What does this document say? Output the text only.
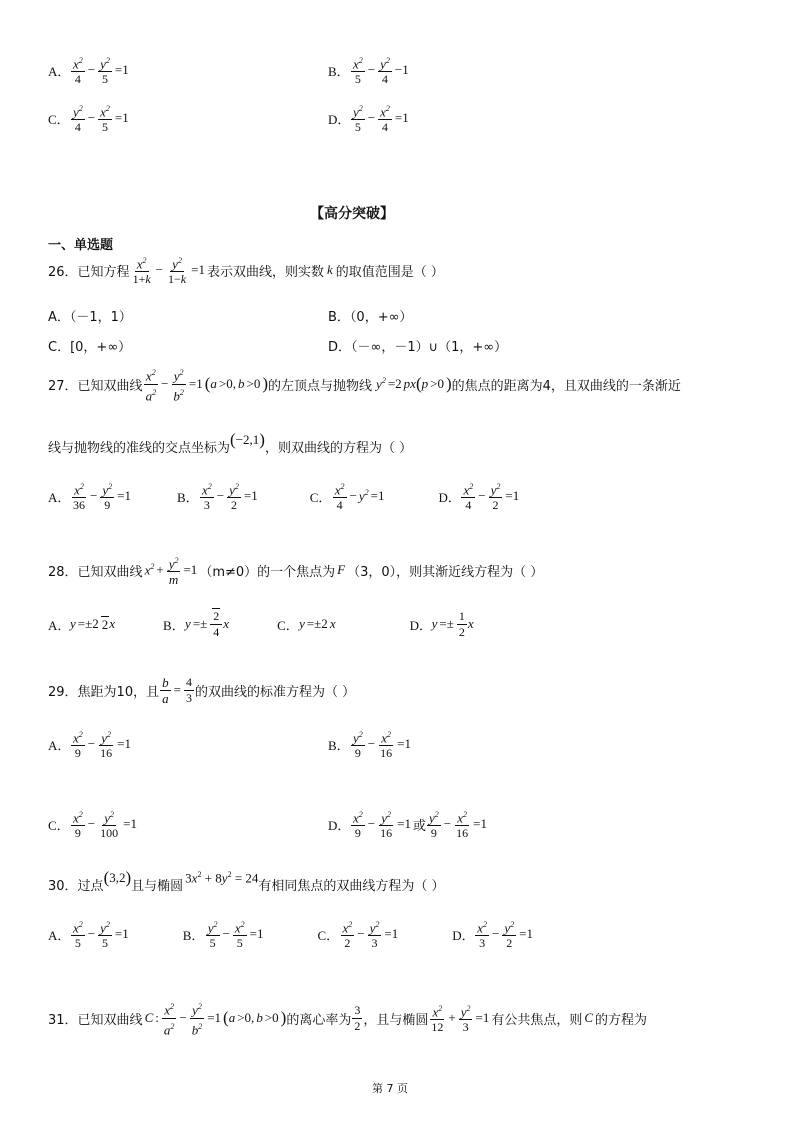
A． $\frac{x^2}{4} - \frac{y^2}{5} =1$	B． $\frac{x^2}{5} - \frac{y^2}{4} -1$
C． $\frac{y^2}{4} - \frac{x^2}{5} =1$	D． $\frac{y^2}{5} - \frac{x^2}{4} =1$
【高分突破】
一、单选题
26． 已知方程 $\frac{x^2}{1+k} - \frac{y^2}{1-k} =1$ 表示双曲线，则实数 k 的取值范围是（ ）
A．（－1，1）	B．（0，+∞）
C．[0，+∞）	D．（－∞，－1）∪（1，+∞）
27． 已知双曲线 $\frac{x^2}{a^2} - \frac{y^2}{b^2} =1$ ( a >0, b >0 ) 的左顶点与抛物线 $y^2 =2$ px ( p >0 ) 的焦点的距离为4，且双曲线的一条渐近
线与抛物线的准线的交点坐标为 ( −2,1 ) ，则双曲线的方程为（ ）
A． $\frac{x^2}{36} - \frac{y^2}{9} =1$	B． $\frac{x^2}{3} - \frac{y^2}{2} =1$	C． $\frac{x^2}{4} - y^2 =1$	D． $\frac{x^2}{4} - \frac{y^2}{2} =1$
28． 已知双曲线 $x^2 + \frac{y^2}{m} =1$ （m≠0）的一个焦点为 F （3，0），则其渐近线方程为（ ）
A． y =±2 2 x	B． $y =\pm \frac{2}{4}$ x	C． y =±2 x	D． $y =\pm \frac{1}{2}$ x
29． 焦距为10，且 $\frac{b}{a} = \frac{4}{3}$ 的双曲线的标准方程为（ ）
A． $\frac{x^2}{9} - \frac{y^2}{16} =1$	B． $\frac{y^2}{9} - \frac{x^2}{16} =1$
C． $\frac{x^2}{9} - \frac{y^2}{100} =1$	D． $\frac{x^2}{9} - \frac{y^2}{16} =1$ 或 $\frac{y^2}{9} - \frac{x^2}{16} =1$
30． 过点 ( 3,2 ) 且与椭圆
$3x^2 + 8y^2 = 24$
有相同焦点的双曲线方程为（ ）
A． $\frac{x^2}{5} - \frac{y^2}{5} =1$	B． $\frac{y^2}{5} - \frac{x^2}{5} =1$	C． $\frac{x^2}{2} - \frac{y^2}{3} =1$	D． $\frac{x^2}{3} - \frac{y^2}{2} =1$
31． 已知双曲线 C : $\frac{x^2}{a^2} - \frac{y^2}{b^2} =1$ ( a >0, b >0 ) 的离心率为 $\frac{3}{2}$ ，且与椭圆 $\frac{x^2}{12} + \frac{y^2}{3} =1$ 有公共焦点，则 C 的方程为
第 7 页
